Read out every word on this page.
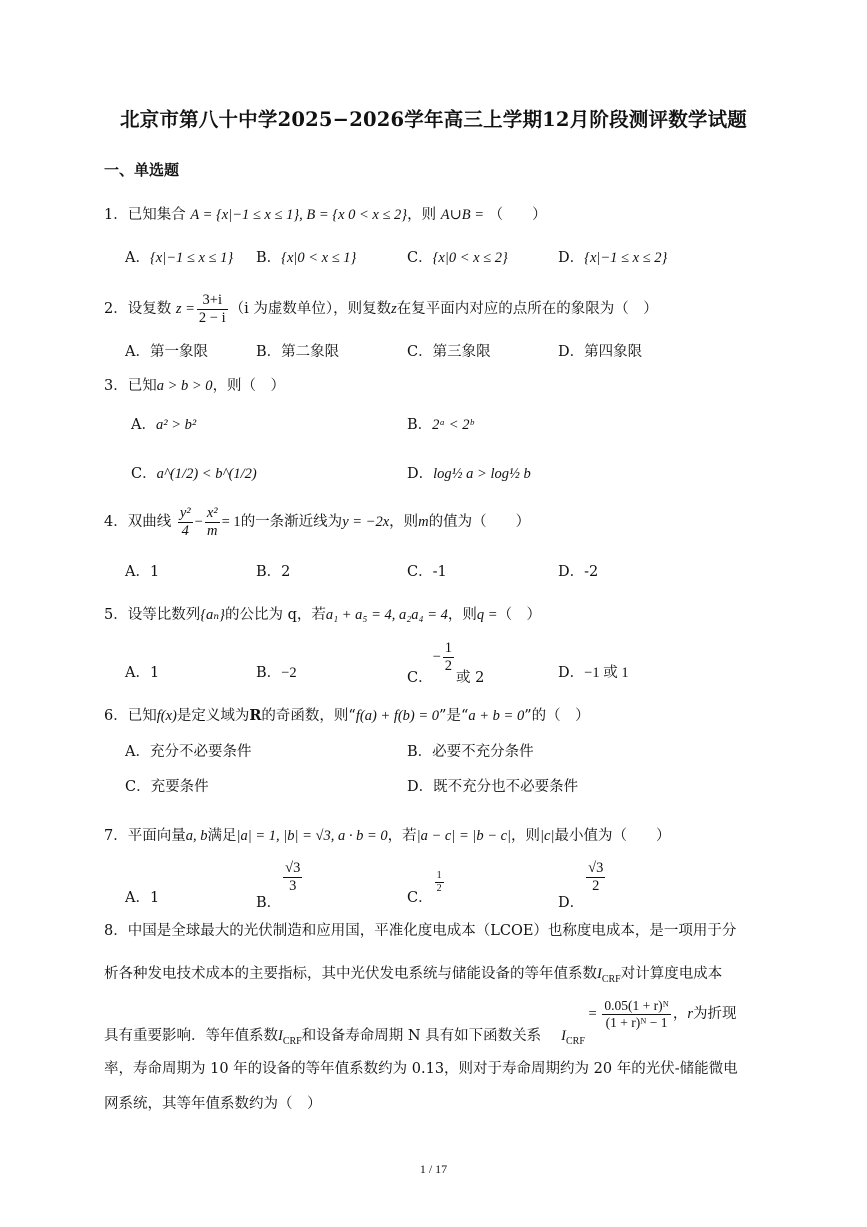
北京市第八十中学2025−2026学年高三上学期12月阶段测评数学试题
一、单选题
1．已知集合 A = {x|−1 ≤ x ≤ 1}, B = {x 0 < x ≤ 2}，则 A∪B = （　　）
A．{x|−1 ≤ x ≤ 1} B．{x|0 < x ≤ 1}	C．{x|0 < x ≤ 2}	D．{x|−1 ≤ x ≤ 2}
2．设复数 $z = \frac{3+i}{2 - i} (i$ 为虚数单位），则复数z在复平面内对应的点所在的象限为（　）
A．第一象限	B．第二象限	C．第三象限	D．第四象限
3．已知a > b > 0，则（　）
A．a² > b²	B．2ᵃ < 2ᵇ
C．a^(1/2) < b^(1/2)	D．log½ a > log½ b
4．双曲线 $\frac{\text{y²}}{4} - \frac{\text{x²}}{m} = 1$的一条渐近线为y = −2x，则m的值为（　　）
A．1	B．2	C．-1	D．-2
5．设等比数列{aₙ}的公比为 q，若a₁ + a₅ = 4, a₂a₄ = 4，则q =（　）
A．1	B．−2	C．− $\frac{1}{2}$
或 2	D．−1 或 1
6．已知f(x)是定义域为R的奇函数，则“f(a) + f(b) = 0”是“a + b = 0”的（　）
A．充分不必要条件	B．必要不充分条件
C．充要条件	D．既不充分也不必要条件
7．平面向量a, b满足|a| = 1, |b| = √3, a · b = 0，若|a − c| = |b − c|，则|c|最小值为（　　）
A．1	B．
$\frac{√3}{3}$
C．
$\frac{1}{2}$
D．
$\frac{√3}{2}$
8．中国是全球最大的光伏制造和应用国，平准化度电成本（LCOE）也称度电成本，是一项用于分
析各种发电技术成本的主要指标，其中光伏发电系统与储能设备的等年值系数$I_{CRF}$对计算度电成本
具有重要影响．等年值系数$I_{CRF}$和设备寿命周期 N 具有如下函数关系 $I_{CRF} = \frac{\text{0.05(1 + r)ᴺ}}{\text{(1 + r)ᴺ − 1}}$ ，r为折现
率，寿命周期为 10 年的设备的等年值系数约为 0.13，则对于寿命周期约为 20 年的光伏-储能微电
网系统，其等年值系数约为（　）
1 / 17
